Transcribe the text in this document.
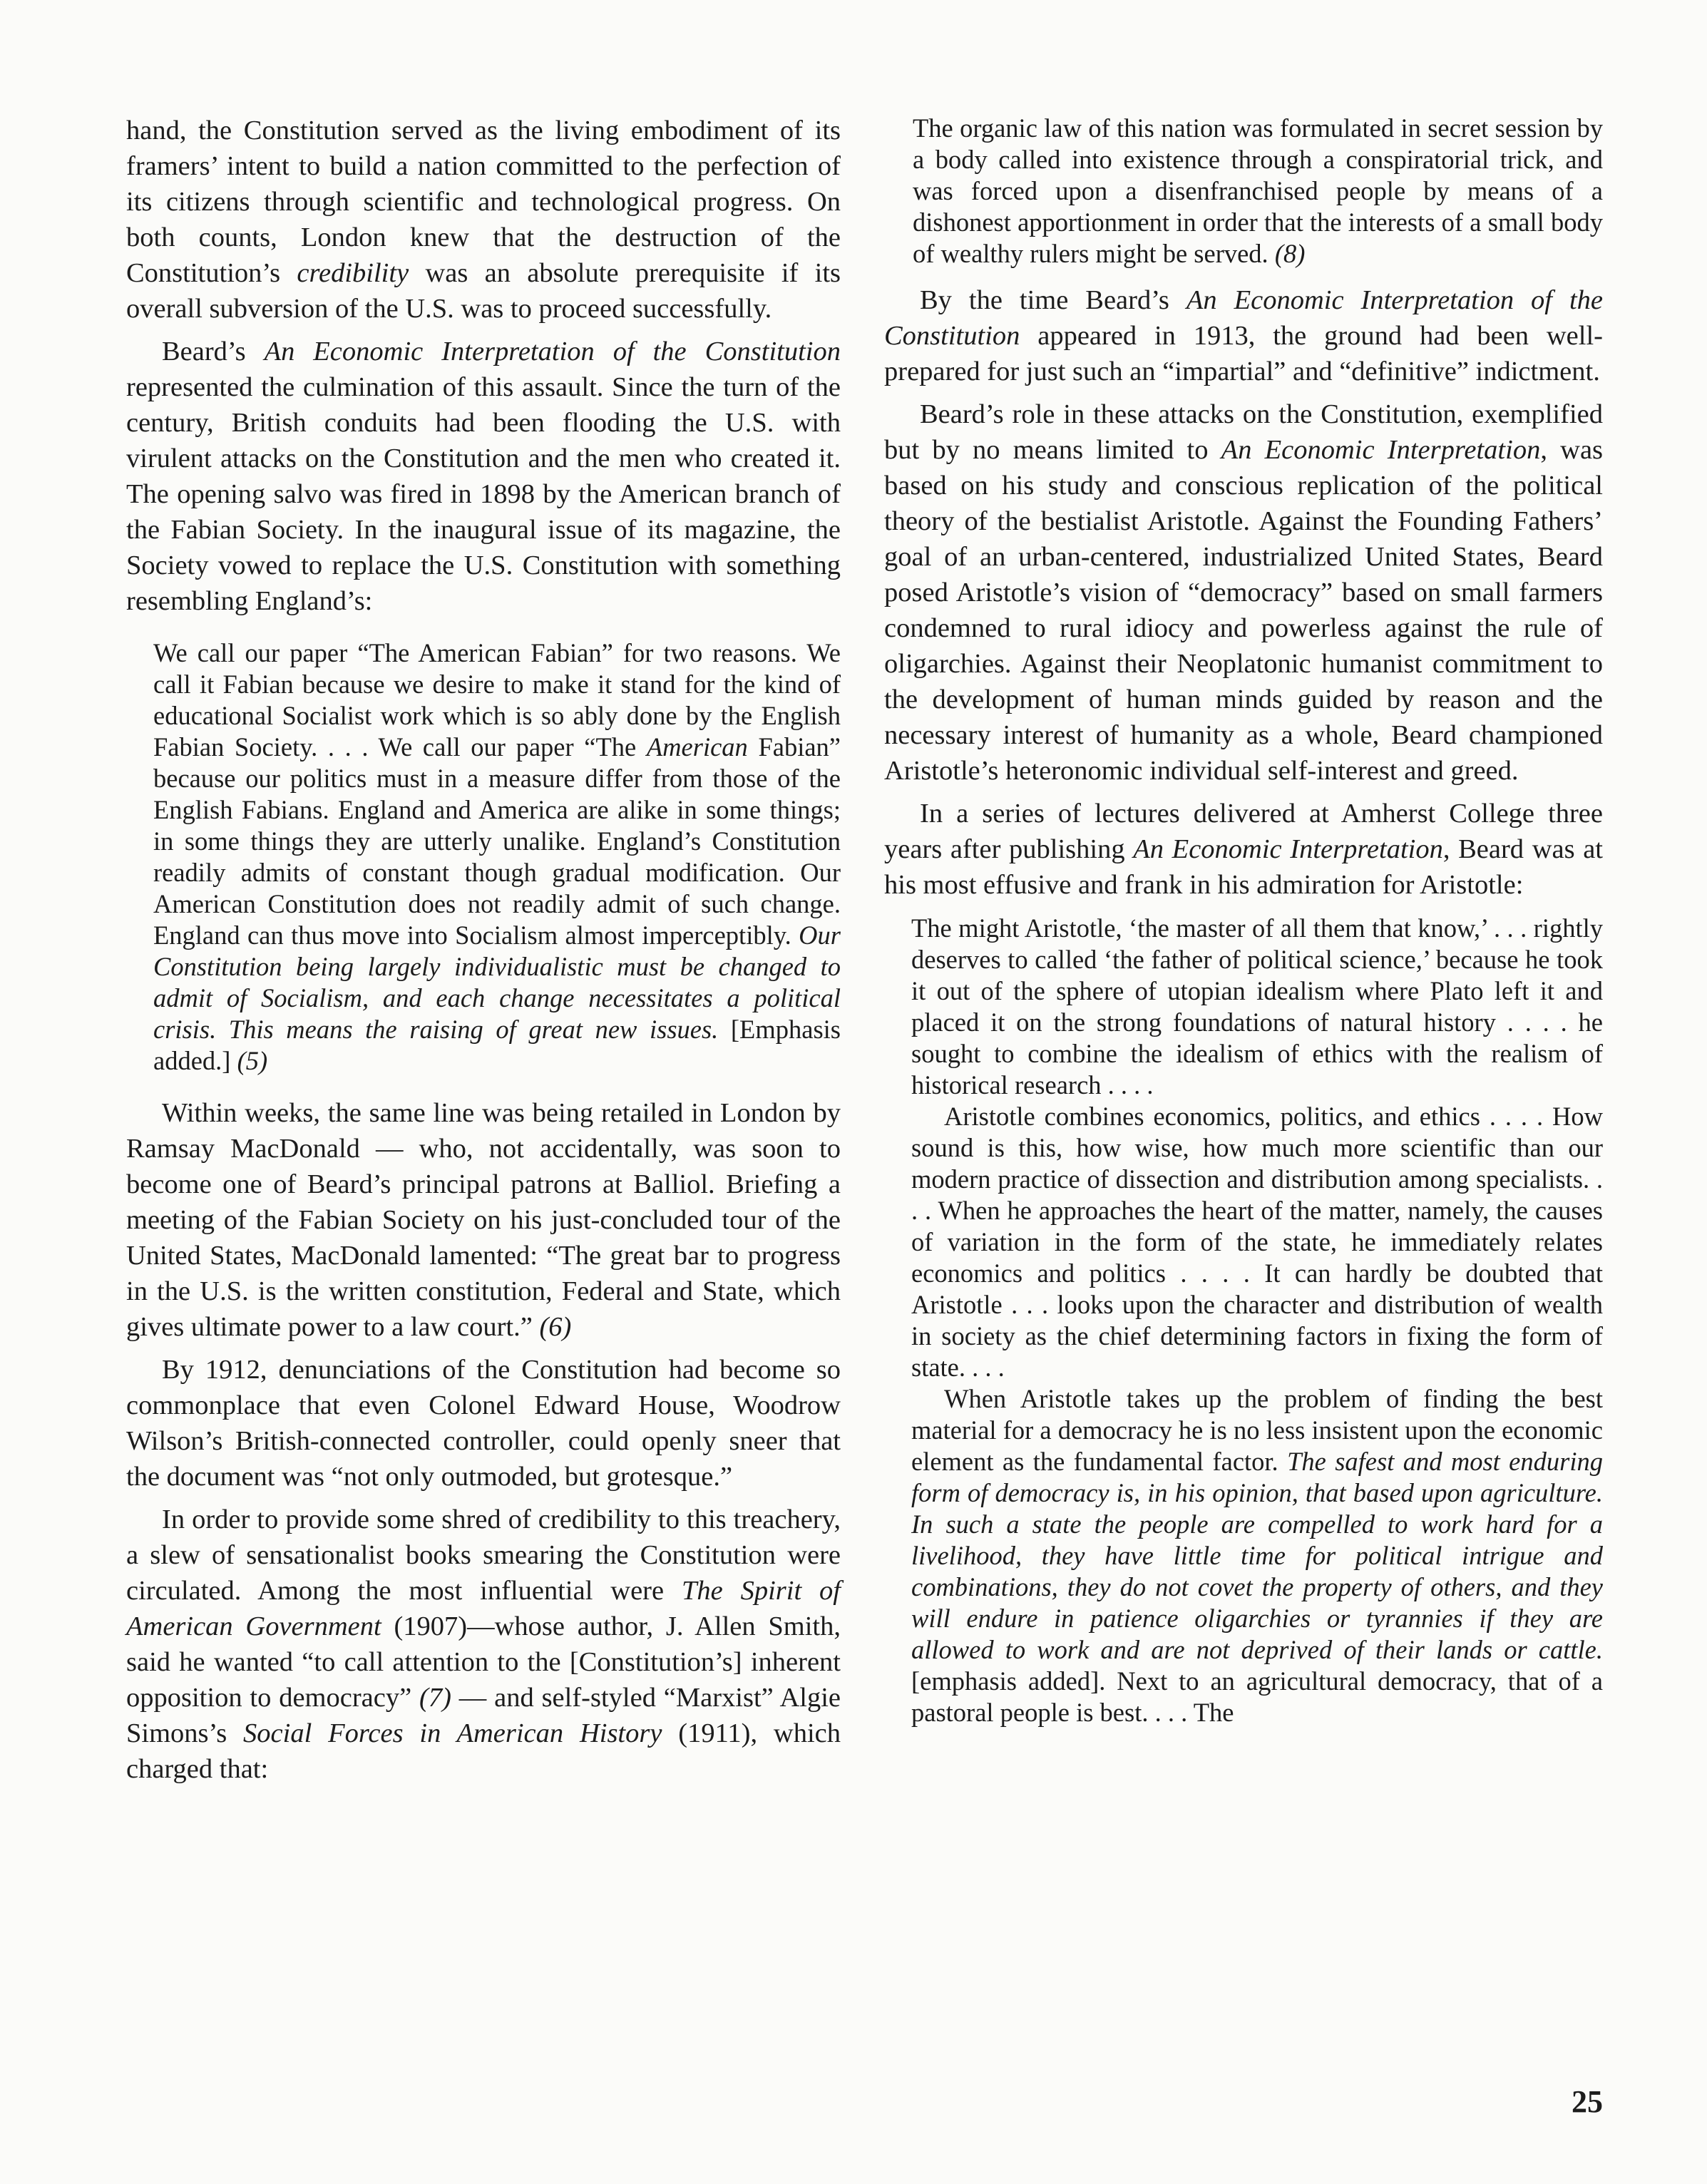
hand, the Constitution served as the living embodiment of its framers’ intent to build a nation committed to the perfection of its citizens through scientific and technological progress. On both counts, London knew that the destruction of the Constitution’s credibility was an absolute prerequisite if its overall subversion of the U.S. was to proceed successfully.

Beard’s An Economic Interpretation of the Constitution represented the culmination of this assault. Since the turn of the century, British conduits had been flooding the U.S. with virulent attacks on the Constitution and the men who created it. The opening salvo was fired in 1898 by the American branch of the Fabian Society. In the inaugural issue of its magazine, the Society vowed to replace the U.S. Constitution with something resembling England’s:

We call our paper “The American Fabian” for two reasons. We call it Fabian because we desire to make it stand for the kind of educational Socialist work which is so ably done by the English Fabian Society. . . . We call our paper “The American Fabian” because our politics must in a measure differ from those of the English Fabians. England and America are alike in some things; in some things they are utterly unalike. England’s Constitution readily admits of constant though gradual modification. Our American Constitution does not readily admit of such change. England can thus move into Socialism almost imperceptibly. Our Constitution being largely individualistic must be changed to admit of Socialism, and each change necessitates a political crisis. This means the raising of great new issues. [Emphasis added.] (5)

Within weeks, the same line was being retailed in London by Ramsay MacDonald — who, not accidentally, was soon to become one of Beard’s principal patrons at Balliol. Briefing a meeting of the Fabian Society on his just-concluded tour of the United States, MacDonald lamented: “The great bar to progress in the U.S. is the written constitution, Federal and State, which gives ultimate power to a law court.” (6)

By 1912, denunciations of the Constitution had become so commonplace that even Colonel Edward House, Woodrow Wilson’s British-connected controller, could openly sneer that the document was “not only outmoded, but grotesque.”

In order to provide some shred of credibility to this treachery, a slew of sensationalist books smearing the Constitution were circulated. Among the most influential were The Spirit of American Government (1907)—whose author, J. Allen Smith, said he wanted “to call attention to the [Constitution’s] inherent opposition to democracy” (7) — and self-styled “Marxist” Algie Simons’s Social Forces in American History (1911), which charged that:

The organic law of this nation was formulated in secret session by a body called into existence through a conspiratorial trick, and was forced upon a disenfranchised people by means of a dishonest apportionment in order that the interests of a small body of wealthy rulers might be served. (8)

By the time Beard’s An Economic Interpretation of the Constitution appeared in 1913, the ground had been well-prepared for just such an “impartial” and “definitive” indictment.

Beard’s role in these attacks on the Constitution, exemplified but by no means limited to An Economic Interpretation, was based on his study and conscious replication of the political theory of the bestialist Aristotle. Against the Founding Fathers’ goal of an urban-centered, industrialized United States, Beard posed Aristotle’s vision of “democracy” based on small farmers condemned to rural idiocy and powerless against the rule of oligarchies. Against their Neoplatonic humanist commitment to the development of human minds guided by reason and the necessary interest of humanity as a whole, Beard championed Aristotle’s heteronomic individual self-interest and greed.

In a series of lectures delivered at Amherst College three years after publishing An Economic Interpretation, Beard was at his most effusive and frank in his admiration for Aristotle:

The might Aristotle, ‘the master of all them that know,’ . . . rightly deserves to called ‘the father of political science,’ because he took it out of the sphere of utopian idealism where Plato left it and placed it on the strong foundations of natural history . . . . he sought to combine the idealism of ethics with the realism of historical research . . . .

Aristotle combines economics, politics, and ethics . . . . How sound is this, how wise, how much more scientific than our modern practice of dissection and distribution among specialists. . . . When he approaches the heart of the matter, namely, the causes of variation in the form of the state, he immediately relates economics and politics . . . . It can hardly be doubted that Aristotle . . . looks upon the character and distribution of wealth in society as the chief determining factors in fixing the form of state. . . .

When Aristotle takes up the problem of finding the best material for a democracy he is no less insistent upon the economic element as the fundamental factor. The safest and most enduring form of democracy is, in his opinion, that based upon agriculture. In such a state the people are compelled to work hard for a livelihood, they have little time for political intrigue and combinations, they do not covet the property of others, and they will endure in patience oligarchies or tyrannies if they are allowed to work and are not deprived of their lands or cattle. [emphasis added]. Next to an agricultural democracy, that of a pastoral people is best. . . . The

25
